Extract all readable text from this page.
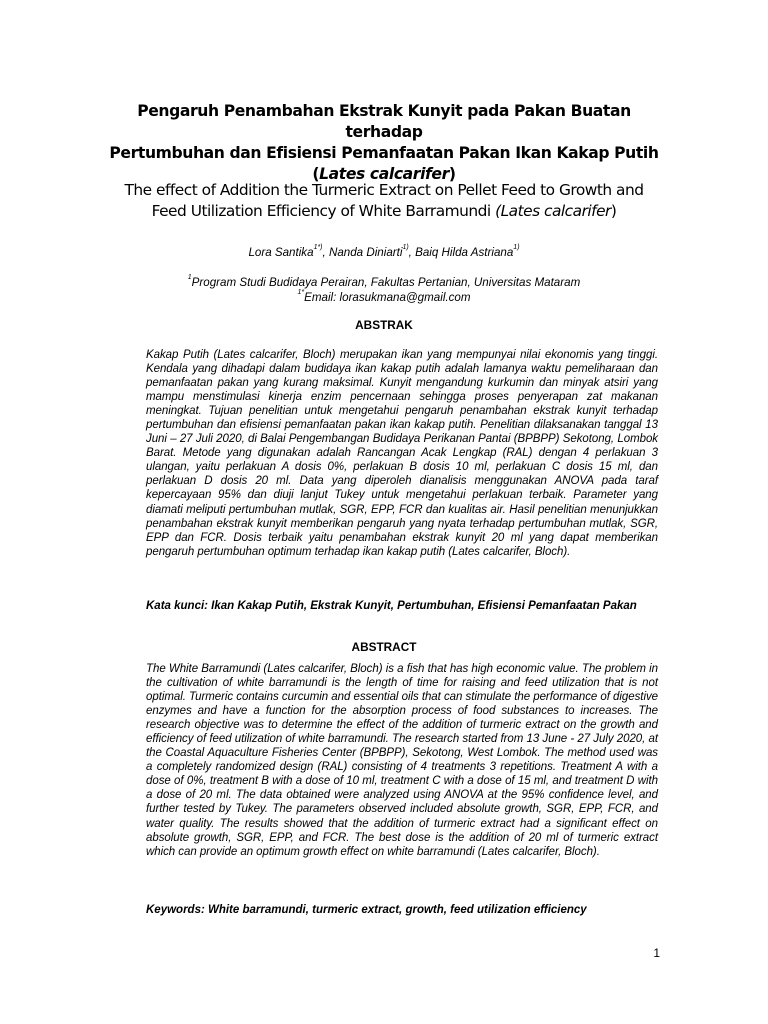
Pengaruh Penambahan Ekstrak Kunyit pada Pakan Buatan terhadap
Pertumbuhan dan Efisiensi Pemanfaatan Pakan Ikan Kakap Putih
(Lates calcarifer)
The effect of Addition the Turmeric Extract on Pellet Feed to Growth and
Feed Utilization Efficiency of White Barramundi (Lates calcarifer)
Lora Santika$^{1*)}$, Nanda Diniarti$^{1)}$, Baiq Hilda Astriana$^{1)}$
$^1$Program Studi Budidaya Perairan, Fakultas Pertanian, Universitas Mataram
$^{1*}$Email: lorasukmana@gmail.com
ABSTRAK
Kakap Putih (Lates calcarifer, Bloch) merupakan ikan yang mempunyai nilai ekonomis yang tinggi. Kendala yang dihadapi dalam budidaya ikan kakap putih adalah lamanya waktu pemeliharaan dan pemanfaatan pakan yang kurang maksimal. Kunyit mengandung kurkumin dan minyak atsiri yang mampu menstimulasi kinerja enzim pencernaan sehingga proses penyerapan zat makanan meningkat. Tujuan penelitian untuk mengetahui pengaruh penambahan ekstrak kunyit terhadap pertumbuhan dan efisiensi pemanfaatan pakan ikan kakap putih. Penelitian dilaksanakan tanggal 13 Juni – 27 Juli 2020, di Balai Pengembangan Budidaya Perikanan Pantai (BPBPP) Sekotong, Lombok Barat. Metode yang digunakan adalah Rancangan Acak Lengkap (RAL) dengan 4 perlakuan 3 ulangan, yaitu perlakuan A dosis 0%, perlakuan B dosis 10 ml, perlakuan C dosis 15 ml, dan perlakuan D dosis 20 ml. Data yang diperoleh dianalisis menggunakan ANOVA pada taraf kepercayaan 95% dan diuji lanjut Tukey untuk mengetahui perlakuan terbaik. Parameter yang diamati meliputi pertumbuhan mutlak, SGR, EPP, FCR dan kualitas air. Hasil penelitian menunjukkan penambahan ekstrak kunyit memberikan pengaruh yang nyata terhadap pertumbuhan mutlak, SGR, EPP dan FCR. Dosis terbaik yaitu penambahan ekstrak kunyit 20 ml yang dapat memberikan pengaruh pertumbuhan optimum terhadap ikan kakap putih (Lates calcarifer, Bloch).
Kata kunci: Ikan Kakap Putih, Ekstrak Kunyit, Pertumbuhan, Efisiensi Pemanfaatan Pakan
ABSTRACT
The White Barramundi (Lates calcarifer, Bloch) is a fish that has high economic value. The problem in the cultivation of white barramundi is the length of time for raising and feed utilization that is not optimal. Turmeric contains curcumin and essential oils that can stimulate the performance of digestive enzymes and have a function for the absorption process of food substances to increases. The research objective was to determine the effect of the addition of turmeric extract on the growth and efficiency of feed utilization of white barramundi. The research started from 13 June - 27 July 2020, at the Coastal Aquaculture Fisheries Center (BPBPP), Sekotong, West Lombok. The method used was a completely randomized design (RAL) consisting of 4 treatments 3 repetitions. Treatment A with a dose of 0%, treatment B with a dose of 10 ml, treatment C with a dose of 15 ml, and treatment D with a dose of 20 ml. The data obtained were analyzed using ANOVA at the 95% confidence level, and further tested by Tukey. The parameters observed included absolute growth, SGR, EPP, FCR, and water quality. The results showed that the addition of turmeric extract had a significant effect on absolute growth, SGR, EPP, and FCR. The best dose is the addition of 20 ml of turmeric extract which can provide an optimum growth effect on white barramundi (Lates calcarifer, Bloch).
Keywords: White barramundi, turmeric extract, growth, feed utilization efficiency
1
